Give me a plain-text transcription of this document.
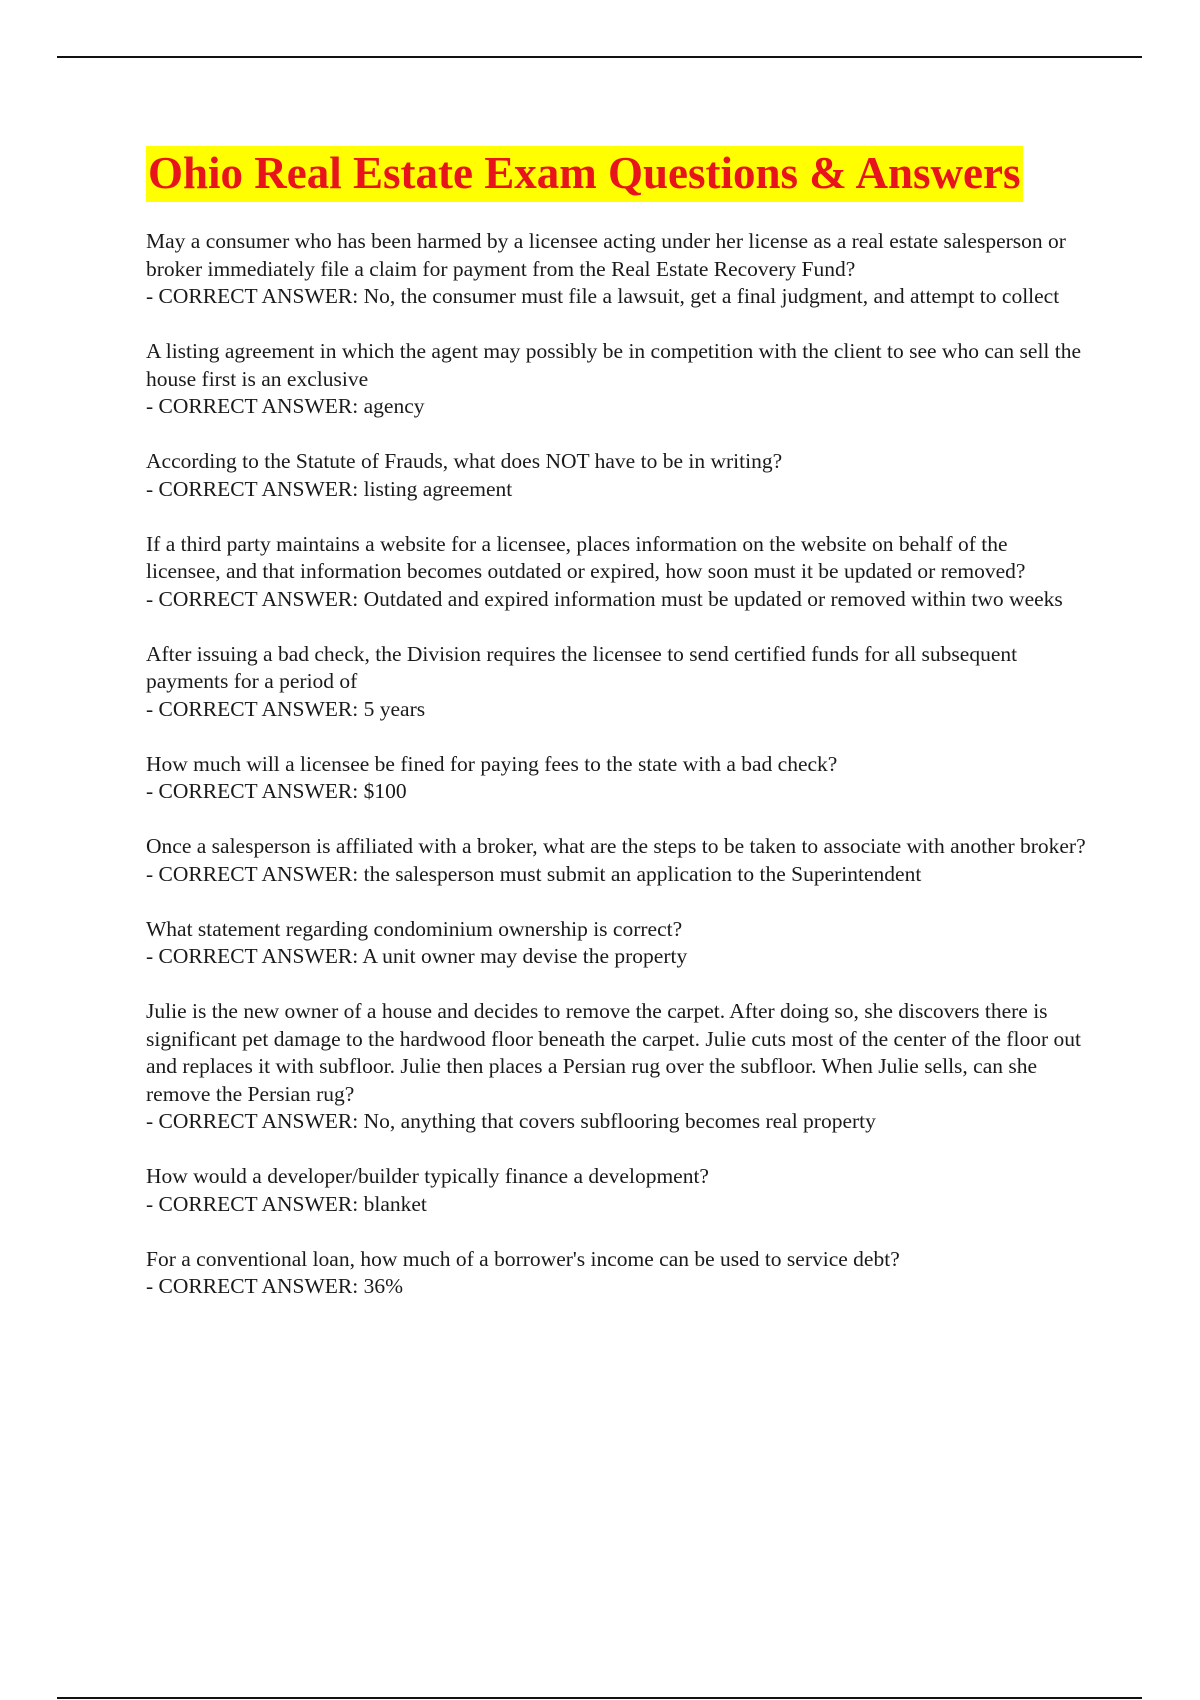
Ohio Real Estate Exam Questions & Answers

May a consumer who has been harmed by a licensee acting under her license as a real estate salesperson or broker immediately file a claim for payment from the Real Estate Recovery Fund?

- CORRECT ANSWER: No, the consumer must file a lawsuit, get a final judgment, and attempt to collect

A listing agreement in which the agent may possibly be in competition with the client to see who can sell the house first is an exclusive

- CORRECT ANSWER: agency

According to the Statute of Frauds, what does NOT have to be in writing?

- CORRECT ANSWER: listing agreement

If a third party maintains a website for a licensee, places information on the website on behalf of the licensee, and that information becomes outdated or expired, how soon must it be updated or removed?

- CORRECT ANSWER: Outdated and expired information must be updated or removed within two weeks

After issuing a bad check, the Division requires the licensee to send certified funds for all subsequent payments for a period of

- CORRECT ANSWER: 5 years

How much will a licensee be fined for paying fees to the state with a bad check?

- CORRECT ANSWER: $100

Once a salesperson is affiliated with a broker, what are the steps to be taken to associate with another broker?

- CORRECT ANSWER: the salesperson must submit an application to the Superintendent

What statement regarding condominium ownership is correct?

- CORRECT ANSWER: A unit owner may devise the property

Julie is the new owner of a house and decides to remove the carpet. After doing so, she discovers there is significant pet damage to the hardwood floor beneath the carpet. Julie cuts most of the center of the floor out and replaces it with subfloor. Julie then places a Persian rug over the subfloor. When Julie sells, can she remove the Persian rug?

- CORRECT ANSWER: No, anything that covers subflooring becomes real property

How would a developer/builder typically finance a development?

- CORRECT ANSWER: blanket

For a conventional loan, how much of a borrower's income can be used to service debt?

- CORRECT ANSWER: 36%
